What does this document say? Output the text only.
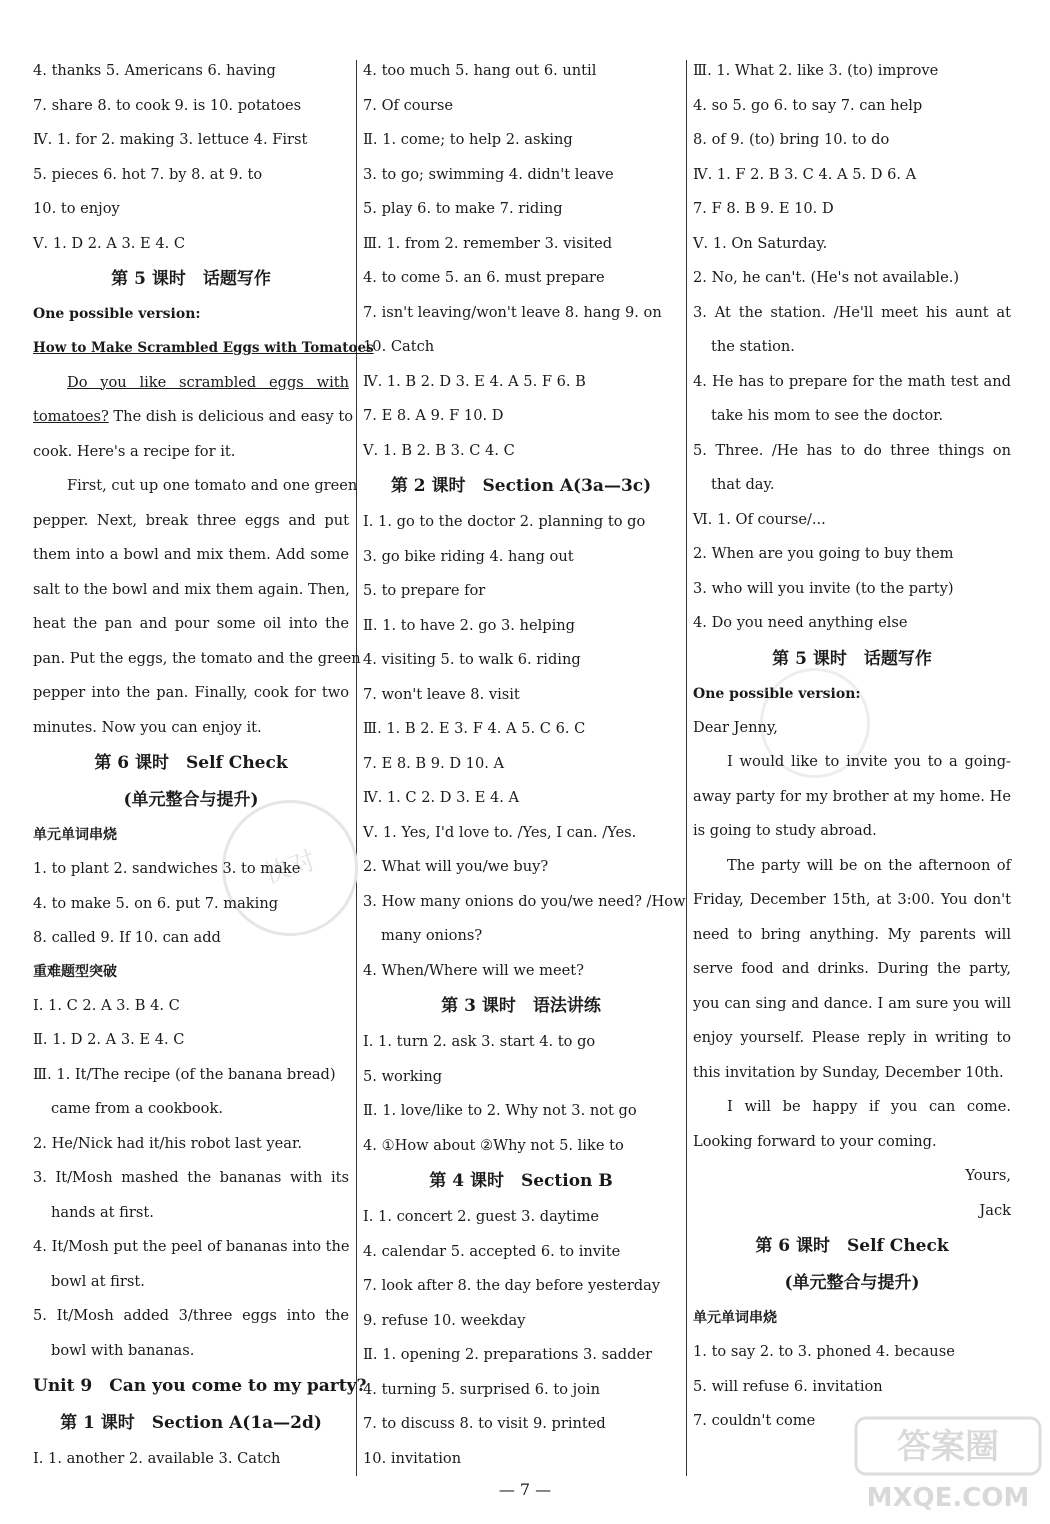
快对
4. thanks 5. Americans 6. having
7. share 8. to cook 9. is 10. potatoes
Ⅳ. 1. for 2. making 3. lettuce 4. First
5. pieces 6. hot 7. by 8. at 9. to
10. to enjoy
Ⅴ. 1. D 2. A 3. E 4. C
第 5 课时　话题写作
One possible version:
How to Make Scrambled Eggs with Tomatoes
Do you like scrambled eggs with
tomatoes? The dish is delicious and easy to
cook. Here's a recipe for it.
First, cut up one tomato and one green
pepper. Next, break three eggs and put
them into a bowl and mix them. Add some
salt to the bowl and mix them again. Then,
heat the pan and pour some oil into the
pan. Put the eggs, the tomato and the green
pepper into the pan. Finally, cook for two
minutes. Now you can enjoy it.
第 6 课时　Self Check
(单元整合与提升)
单元单词串烧
1. to plant 2. sandwiches 3. to make
4. to make 5. on 6. put 7. making
8. called 9. If 10. can add
重难题型突破
Ⅰ. 1. C 2. A 3. B 4. C
Ⅱ. 1. D 2. A 3. E 4. C
Ⅲ. 1. It/The recipe (of the banana bread)
came from a cookbook.
2. He/Nick had it/his robot last year.
3. It/Mosh mashed the bananas with its
hands at first.
4. It/Mosh put the peel of bananas into the
bowl at first.
5. It/Mosh added 3/three eggs into the
bowl with bananas.
Unit 9　Can you come to my party?
第 1 课时　Section A(1a—2d)
Ⅰ. 1. another 2. available 3. Catch
4. too much 5. hang out 6. until
7. Of course
Ⅱ. 1. come; to help 2. asking
3. to go; swimming 4. didn't leave
5. play 6. to make 7. riding
Ⅲ. 1. from 2. remember 3. visited
4. to come 5. an 6. must prepare
7. isn't leaving/won't leave 8. hang 9. on
10. Catch
Ⅳ. 1. B 2. D 3. E 4. A 5. F 6. B
7. E 8. A 9. F 10. D
Ⅴ. 1. B 2. B 3. C 4. C
第 2 课时　Section A(3a—3c)
Ⅰ. 1. go to the doctor 2. planning to go
3. go bike riding 4. hang out
5. to prepare for
Ⅱ. 1. to have 2. go 3. helping
4. visiting 5. to walk 6. riding
7. won't leave 8. visit
Ⅲ. 1. B 2. E 3. F 4. A 5. C 6. C
7. E 8. B 9. D 10. A
Ⅳ. 1. C 2. D 3. E 4. A
Ⅴ. 1. Yes, I'd love to. /Yes, I can. /Yes.
2. What will you/we buy?
3. How many onions do you/we need? /How
many onions?
4. When/Where will we meet?
第 3 课时　语法讲练
Ⅰ. 1. turn 2. ask 3. start 4. to go
5. working
Ⅱ. 1. love/like to 2. Why not 3. not go
4. ①How about ②Why not 5. like to
第 4 课时　Section B
Ⅰ. 1. concert 2. guest 3. daytime
4. calendar 5. accepted 6. to invite
7. look after 8. the day before yesterday
9. refuse 10. weekday
Ⅱ. 1. opening 2. preparations 3. sadder
4. turning 5. surprised 6. to join
7. to discuss 8. to visit 9. printed
10. invitation
Ⅲ. 1. What 2. like 3. (to) improve
4. so 5. go 6. to say 7. can help
8. of 9. (to) bring 10. to do
Ⅳ. 1. F 2. B 3. C 4. A 5. D 6. A
7. F 8. B 9. E 10. D
Ⅴ. 1. On Saturday.
2. No, he can't. (He's not available.)
3. At the station. /He'll meet his aunt at
the station.
4. He has to prepare for the math test and
take his mom to see the doctor.
5. Three. /He has to do three things on
that day.
Ⅵ. 1. Of course/...
2. When are you going to buy them
3. who will you invite (to the party)
4. Do you need anything else
第 5 课时　话题写作
One possible version:
Dear Jenny,
I would like to invite you to a going-
away party for my brother at my home. He
is going to study abroad.
The party will be on the afternoon of
Friday, December 15th, at 3:00. You don't
need to bring anything. My parents will
serve food and drinks. During the party,
you can sing and dance. I am sure you will
enjoy yourself. Please reply in writing to
this invitation by Sunday, December 10th.
I will be happy if you can come.
Looking forward to your coming.
Yours,
Jack
第 6 课时　Self Check
(单元整合与提升)
单元单词串烧
1. to say 2. to 3. phoned 4. because
5. will refuse 6. invitation
7. couldn't come
— 7 —
答案圈
MXQE.COM
